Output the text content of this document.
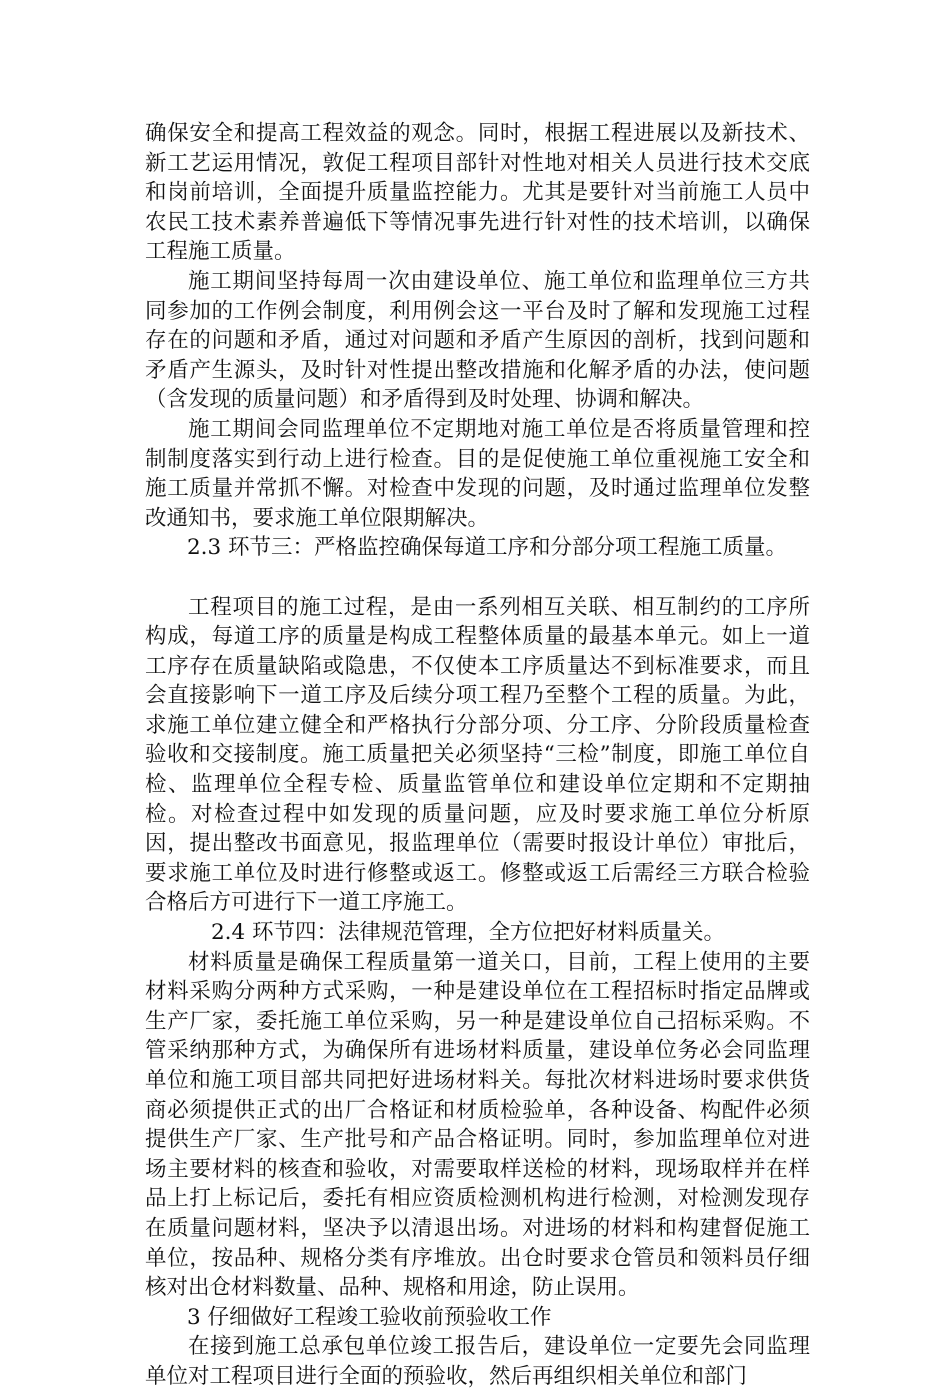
确保安全和提高工程效益的观念。同时，根据工程进展以及新技术、新工艺运用情况，敦促工程项目部针对性地对相关人员进行技术交底和岗前培训，全面提升质量监控能力。尤其是要针对当前施工人员中农民工技术素养普遍低下等情况事先进行针对性的技术培训，以确保工程施工质量。

施工期间坚持每周一次由建设单位、施工单位和监理单位三方共同参加的工作例会制度，利用例会这一平台及时了解和发现施工过程存在的问题和矛盾，通过对问题和矛盾产生原因的剖析，找到问题和矛盾产生源头，及时针对性提出整改措施和化解矛盾的办法，使问题（含发现的质量问题）和矛盾得到及时处理、协调和解决。

施工期间会同监理单位不定期地对施工单位是否将质量管理和控制制度落实到行动上进行检查。目的是促使施工单位重视施工安全和施工质量并常抓不懈。对检查中发现的问题，及时通过监理单位发整改通知书，要求施工单位限期解决。

2.3 环节三：严格监控确保每道工序和分部分项工程施工质量。

工程项目的施工过程，是由一系列相互关联、相互制约的工序所构成，每道工序的质量是构成工程整体质量的最基本单元。如上一道工序存在质量缺陷或隐患，不仅使本工序质量达不到标准要求，而且会直接影响下一道工序及后续分项工程乃至整个工程的质量。为此，求施工单位建立健全和严格执行分部分项、分工序、分阶段质量检查验收和交接制度。施工质量把关必须坚持“三检”制度，即施工单位自检、监理单位全程专检、质量监管单位和建设单位定期和不定期抽检。对检查过程中如发现的质量问题，应及时要求施工单位分析原因，提出整改书面意见，报监理单位（需要时报设计单位）审批后，要求施工单位及时进行修整或返工。修整或返工后需经三方联合检验合格后方可进行下一道工序施工。

2.4 环节四：法律规范管理，全方位把好材料质量关。

材料质量是确保工程质量第一道关口，目前，工程上使用的主要材料采购分两种方式采购，一种是建设单位在工程招标时指定品牌或生产厂家，委托施工单位采购，另一种是建设单位自己招标采购。不管采纳那种方式，为确保所有进场材料质量，建设单位务必会同监理单位和施工项目部共同把好进场材料关。每批次材料进场时要求供货商必须提供正式的出厂合格证和材质检验单，各种设备、构配件必须提供生产厂家、生产批号和产品合格证明。同时，参加监理单位对进场主要材料的核查和验收，对需要取样送检的材料，现场取样并在样品上打上标记后，委托有相应资质检测机构进行检测，对检测发现存在质量问题材料，坚决予以清退出场。对进场的材料和构建督促施工单位，按品种、规格分类有序堆放。出仓时要求仓管员和领料员仔细核对出仓材料数量、品种、规格和用途，防止误用。

3 仔细做好工程竣工验收前预验收工作

在接到施工总承包单位竣工报告后，建设单位一定要先会同监理单位对工程项目进行全面的预验收，然后再组织相关单位和部门
